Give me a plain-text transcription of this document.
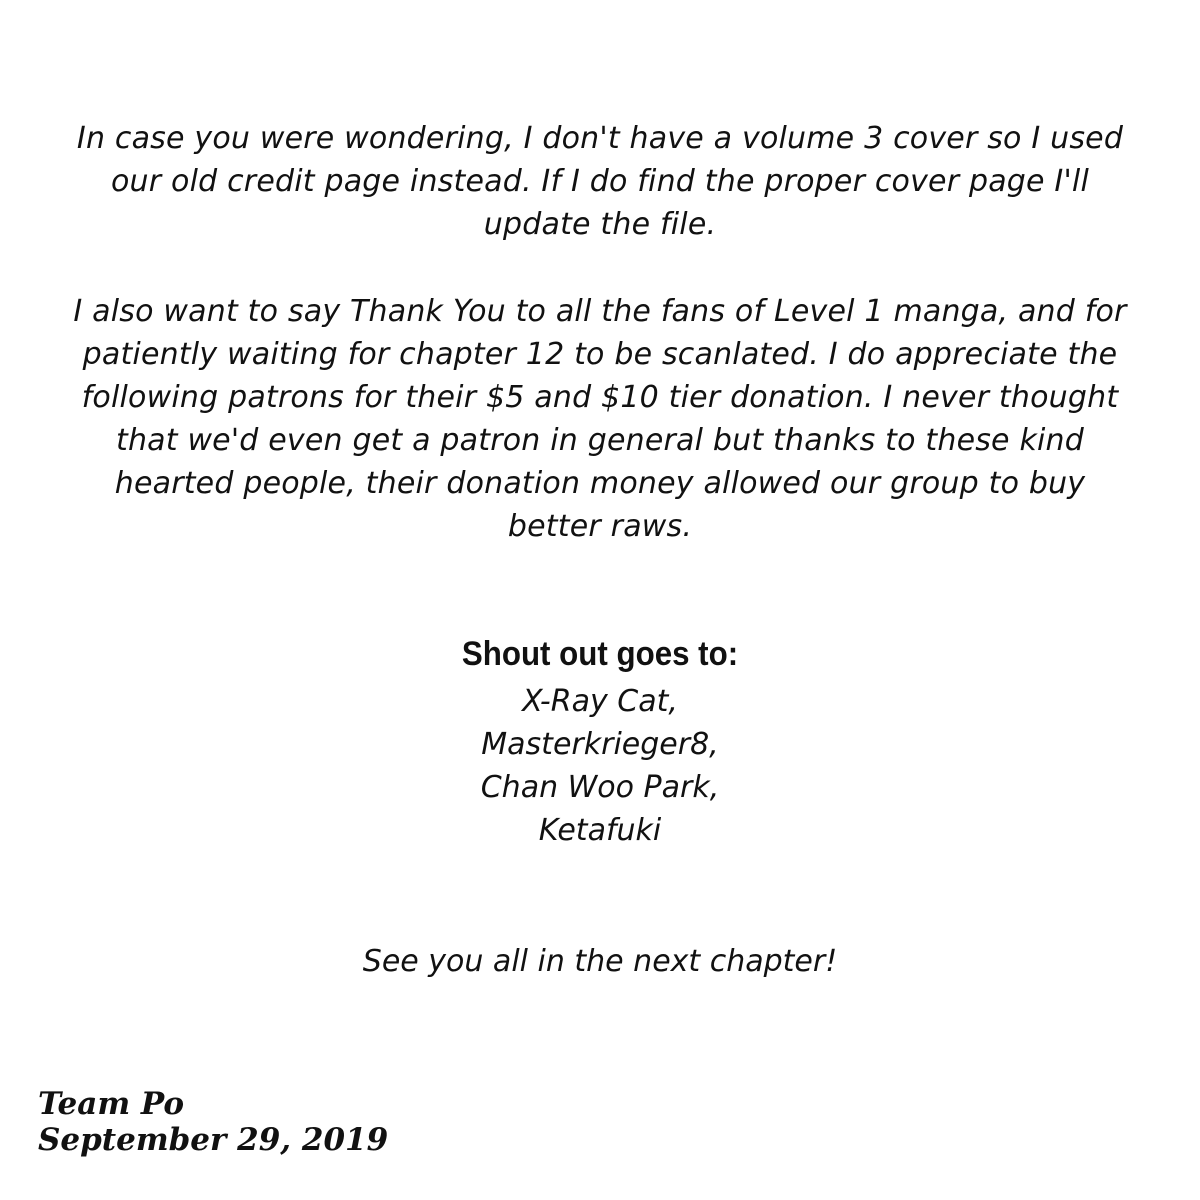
In case you were wondering, I don't have a volume 3 cover so I used
our old credit page instead. If I do find the proper cover page I'll
update the file.
I also want to say Thank You to all the fans of Level 1 manga, and for
patiently waiting for chapter 12 to be scanlated. I do appreciate the
following patrons for their $5 and $10 tier donation. I never thought
that we'd even get a patron in general but thanks to these kind
hearted people, their donation money allowed our group to buy
better raws.
Shout out goes to:
X-Ray Cat,
Masterkrieger8,
Chan Woo Park,
Ketafuki
See you all in the next chapter!
Team Po
September 29, 2019
